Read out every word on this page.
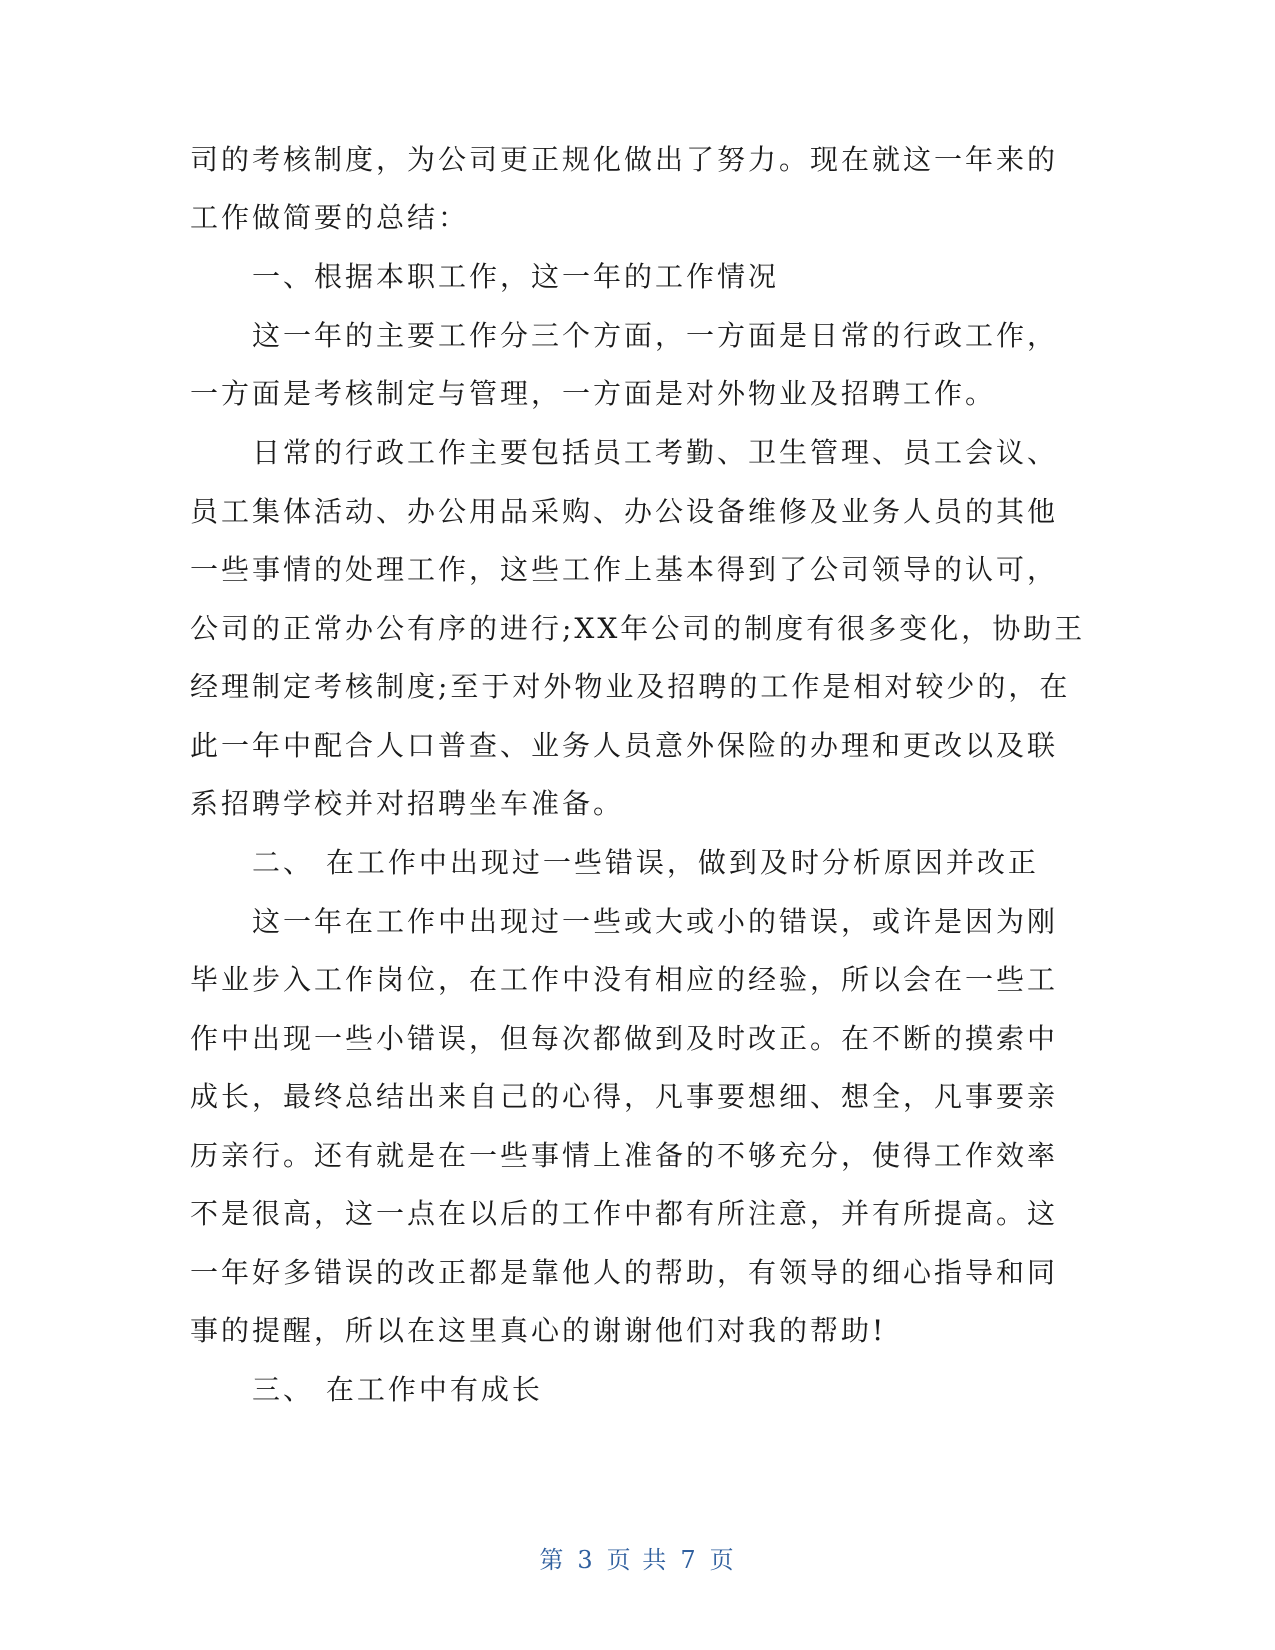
司的考核制度，为公司更正规化做出了努力。现在就这一年来的
工作做简要的总结：
一、根据本职工作，这一年的工作情况
这一年的主要工作分三个方面，一方面是日常的行政工作，
一方面是考核制定与管理，一方面是对外物业及招聘工作。
日常的行政工作主要包括员工考勤、卫生管理、员工会议、
员工集体活动、办公用品采购、办公设备维修及业务人员的其他
一些事情的处理工作，这些工作上基本得到了公司领导的认可，
公司的正常办公有序的进行;XX年公司的制度有很多变化，协助王
经理制定考核制度;至于对外物业及招聘的工作是相对较少的，在
此一年中配合人口普查、业务人员意外保险的办理和更改以及联
系招聘学校并对招聘坐车准备。
二、 在工作中出现过一些错误，做到及时分析原因并改正
这一年在工作中出现过一些或大或小的错误，或许是因为刚
毕业步入工作岗位，在工作中没有相应的经验，所以会在一些工
作中出现一些小错误，但每次都做到及时改正。在不断的摸索中
成长，最终总结出来自己的心得，凡事要想细、想全，凡事要亲
历亲行。还有就是在一些事情上准备的不够充分，使得工作效率
不是很高，这一点在以后的工作中都有所注意，并有所提高。这
一年好多错误的改正都是靠他人的帮助，有领导的细心指导和同
事的提醒，所以在这里真心的谢谢他们对我的帮助!
三、 在工作中有成长
第 3 页 共 7 页
